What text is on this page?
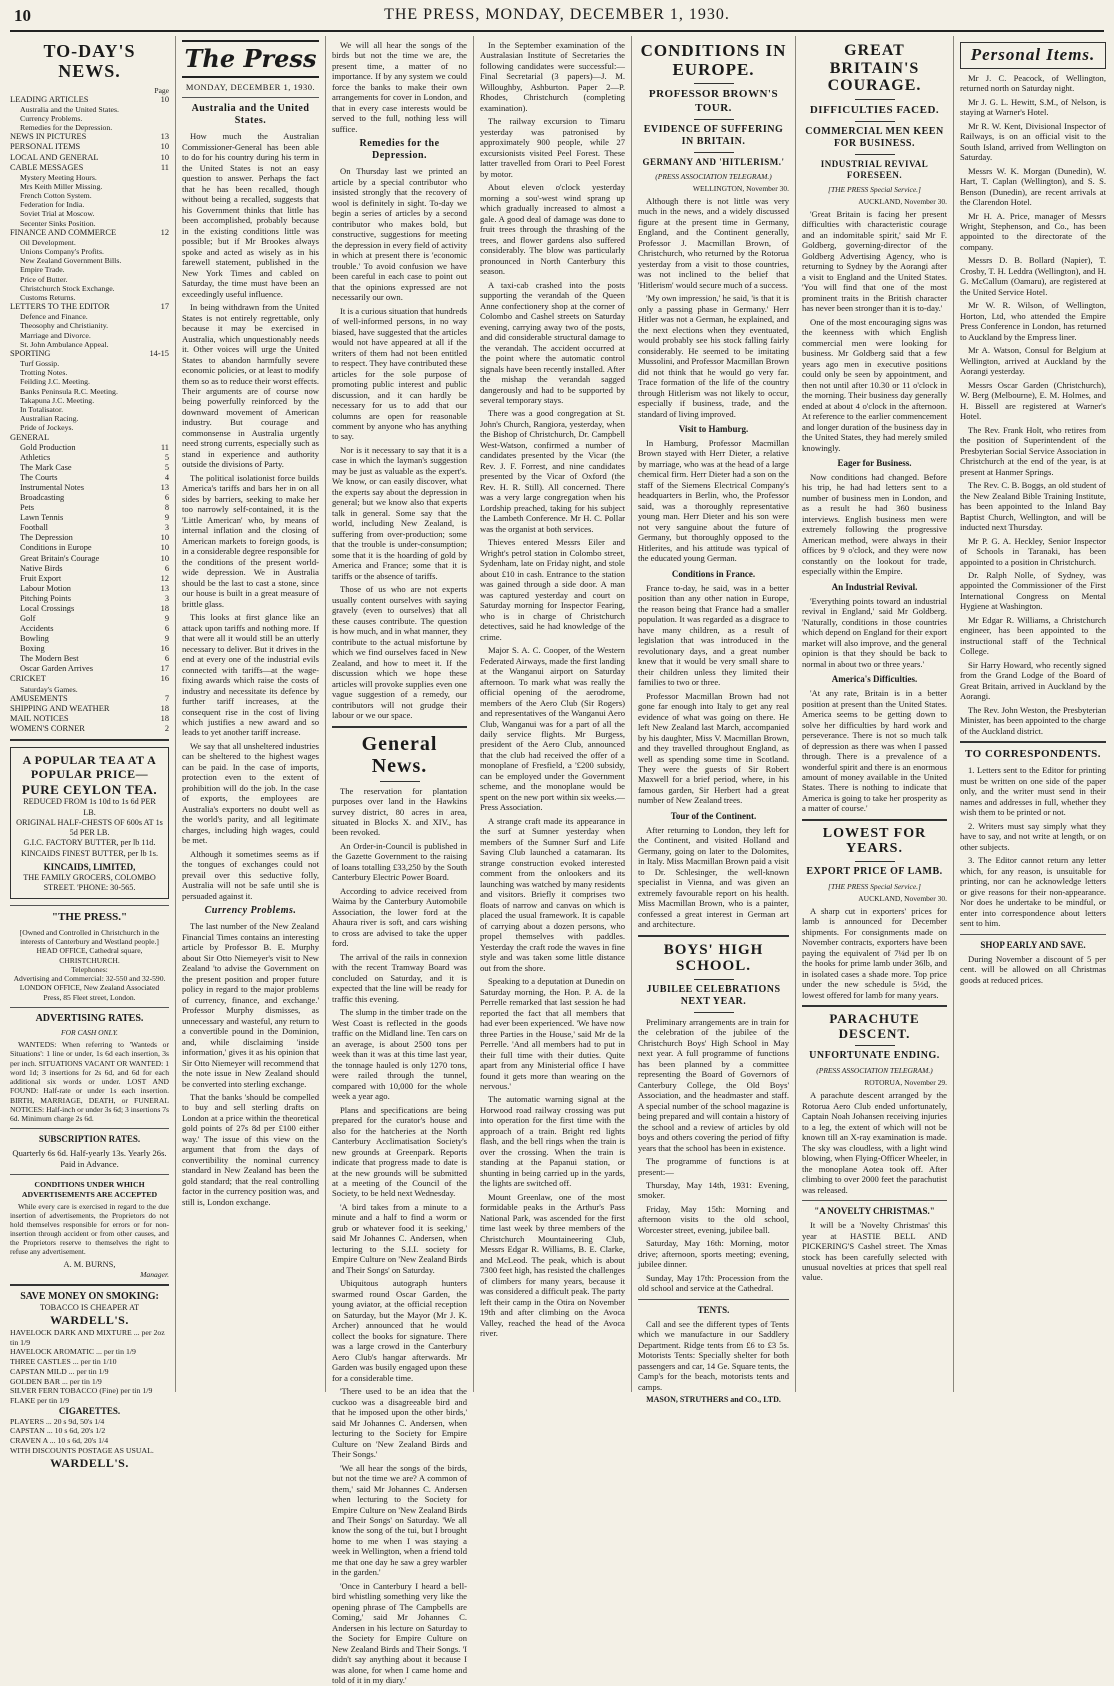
10	THE PRESS, MONDAY, DECEMBER 1, 1930.
TO-DAY'S NEWS.
Page
LEADING ARTICLES	10
Australia and the United States.
Currency Problems.
Remedies for the Depression.
NEWS IN PICTURES	13
PERSONAL ITEMS	10
LOCAL AND GENERAL	10
CABLE MESSAGES	11
Mystery Meeting Hours.
Mrs Keith Miller Missing.
French Cotton System.
Federation for India.
Soviet Trial at Moscow.
Secenter Sinks Position.
FINANCE AND COMMERCE	12
Oil Development.
Unions Company's Profits.
New Zealand Government Bills.
Empire Trade.
Price of Butter.
Christchurch Stock Exchange.
Customs Returns.
LETTERS TO THE EDITOR	17
Defence and Finance.
Theosophy and Christianity.
Marriage and Divorce.
St. John Ambulance Appeal.
SPORTING	14-15
Turf Gossip.
Trotting Notes.
Feilding J.C. Meeting.
Banks Peninsula R.C. Meeting.
Takapuna J.C. Meeting.
In Totalisator.
Australian Racing.
Pride of Jockeys.
GENERAL
Gold Production	11
Athletics	5
The Mark Case	5
The Courts	4
Instrumental Notes	13
Broadcasting	6
Pets	8
Lawn Tennis	9
Football	3
The Depression	10
Conditions in Europe	10
Great Britain's Courage	10
Native Birds	6
Fruit Export	12
Labour Motion	13
Pitching Points	3
Local Crossings	18
Golf	9
Accidents	6
Bowling	9
Boxing	16
The Modern Best	6
Oscar Garden Arrives	17
CRICKET	16
Saturday's Games.
AMUSEMENTS	7
SHIPPING AND WEATHER	18
MAIL NOTICES	18
WOMEN'S CORNER	2
A POPULAR TEA AT A
POPULAR PRICE—
PURE CEYLON TEA.
REDUCED FROM 1s 10d to 1s 6d PER LB.
ORIGINAL HALF-CHESTS OF 600s AT 1s 5d PER LB.
G.I.C. FACTORY BUTTER, per lb 11d.
KINCAIDS FINEST BUTTER, per lb 1s.
KINCAIDS, LIMITED,
THE FAMILY GROCERS, COLOMBO STREET. 'PHONE: 30-565.
"THE PRESS."
[Owned and Controlled in Christchurch in the interests of Canterbury and Westland people.]
HEAD OFFICE, Cathedral square, CHRISTCHURCH.
Telephones:
Advertising and Commercial: 32-550 and 32-590.
LONDON OFFICE, New Zealand Associated Press, 85 Fleet street, London.
ADVERTISING RATES.
FOR CASH ONLY.

WANTEDS: When referring to 'Wanteds or Situations': 1 line or under, 1s 6d each insertion, 3s per inch. SITUATIONS VACANT OR WANTED: 1 word 1d; 3 insertions for 2s 6d, and 6d for each additional six words or under. LOST AND FOUND: Half-rate or under 1s each insertion. BIRTH, MARRIAGE, DEATH, or FUNERAL NOTICES: Half-inch or under 3s 6d; 3 insertions 7s 6d. Minimum charge 2s 6d.

SUBSCRIPTION RATES.

Quarterly 6s 6d. Half-yearly 13s. Yearly 26s. Paid in Advance.

CONDITIONS UNDER WHICH ADVERTISEMENTS ARE ACCEPTED

While every care is exercised in regard to the due insertion of advertisements, the Proprietors do not hold themselves responsible for errors or for non-insertion through accident or from other causes, and the Proprietors reserve to themselves the right to refuse any advertisement.

A. M. BURNS,
Manager.
SAVE MONEY ON SMOKING:
TOBACCO IS CHEAPER AT
WARDELL'S.
HAVELOCK DARK AND MIXTURE ... per 2oz tin 1/9
HAVELOCK AROMATIC ... per tin 1/9
THREE CASTLES ... per tin 1/10
CAPSTAN MILD ... per tin 1/9
GOLDEN BAR ... per tin 1/9
SILVER FERN TOBACCO (Fine) per tin 1/9
FLAKE per tin 1/9
CIGARETTES.
PLAYERS ... 20 s 9d, 50's 1/4
CAPSTAN ... 10 s 6d, 20's 1/2
CRAVEN A ... 10 s 6d, 20's 1/4
WITH DISCOUNTS POSTAGE AS USUAL.
WARDELL'S.
The Press
MONDAY, DECEMBER 1, 1930.
Australia and the United States.

How much the Australian Commissioner-General has been able to do for his country during his term in the United States is not an easy question to answer. Perhaps the fact that he has been recalled, though without being a recalled, suggests that his Government thinks that little has been accomplished, probably because in the existing conditions little was possible; but if Mr Brookes always spoke and acted as wisely as in his farewell statement, published in the New York Times and cabled on Saturday, the time must have been an exceedingly useful influence.

In being withdrawn from the United States is not entirely regrettable, only because it may be exercised in Australia, which unquestionably needs it. Other voices will urge the United States to abandon harmfully severe economic policies, or at least to modify them so as to reduce their worst effects. Their arguments are of course now being powerfully reinforced by the downward movement of American industry. But courage and commonsense in Australia urgently need strong currents, especially such as stand in experience and authority outside the divisions of Party.

The political isolationist force builds America's tariffs and bars her in on all sides by barriers, seeking to make her too narrowly self-contained, it is the 'Little American' who, by means of internal inflation and the closing of American markets to foreign goods, is in a considerable degree responsible for the conditions of the present world-wide depression. We in Australia should be the last to cast a stone, since our house is built in a great measure of brittle glass.

This looks at first glance like an attack upon tariffs and nothing more. If that were all it would still be an utterly necessary to deliver. But it drives in the end at every one of the industrial evils connected with tariffs—at the wage-fixing awards which raise the costs of industry and necessitate its defence by further tariff increases, at the consequent rise in the cost of living which justifies a new award and so leads to yet another tariff increase.

We say that all unsheltered industries can be sheltered to the highest wages can be paid. In the case of imports, protection even to the extent of prohibition will do the job. In the case of exports, the employees are Australia's exporters no doubt well as the world's parity, and all legitimate charges, including high wages, could be met.

Although it sometimes seems as if the tongues of exchanges could not prevail over this seductive folly, Australia will not be safe until she is persuaded against it.

Currency Problems.

The last number of the New Zealand Financial Times contains an interesting article by Professor B. E. Murphy about Sir Otto Niemeyer's visit to New Zealand 'to advise the Government on the present position and proper future policy in regard to the major problems of currency, finance, and exchange.' Professor Murphy dismisses, as unnecessary and wasteful, any return to a convertible pound in the Dominion, and, while disclaiming 'inside information,' gives it as his opinion that Sir Otto Niemeyer will recommend that the note issue in New Zealand should be converted into sterling exchange.

That the banks 'should be compelled to buy and sell sterling drafts on London at a price within the theoretical gold points of 27s 8d per £100 either way.' The issue of this view on the argument that from the days of convertibility the nominal currency standard in New Zealand has been the gold standard; that the real controlling factor in the currency position was, and still is, London exchange.

We will all hear the songs of the birds but not the time we are, the present time, a matter of no importance. If by any system we could force the banks to make their own arrangements for cover in London, and that in every case interests would be served to the full, nothing less will suffice.

Remedies for the Depression.

On Thursday last we printed an article by a special contributor who insisted strongly that the recovery of wool is definitely in sight. To-day we begin a series of articles by a second contributor who makes bold, but constructive, suggestions for meeting the depression in every field of activity in which at present there is 'economic trouble.' To avoid confusion we have been careful in each case to point out that the opinions expressed are not necessarily our own.

It is a curious situation that hundreds of well-informed persons, in no way biased, have suggested that the articles would not have appeared at all if the writers of them had not been entitled to respect. They have contributed these articles for the sole purpose of promoting public interest and public discussion, and it can hardly be necessary for us to add that our columns are open for reasonable comment by anyone who has anything to say.

Nor is it necessary to say that it is a case in which the layman's suggestion may be just as valuable as the expert's. We know, or can easily discover, what the experts say about the depression in general; but we know also that experts talk in general. Some say that the world, including New Zealand, is suffering from over-production; some that the trouble is under-consumption; some that it is the hoarding of gold by America and France; some that it is tariffs or the absence of tariffs.

Those of us who are not experts usually content ourselves with saying gravely (even to ourselves) that all these causes contribute. The question is how much, and in what manner, they contribute to the actual misfortune by which we find ourselves faced in New Zealand, and how to meet it. If the discussion which we hope these articles will provoke supplies even one vague suggestion of a remedy, our contributors will not grudge their labour or we our space.

General News.

The reservation for plantation purposes over land in the Hawkins survey district, 80 acres in area, situated in Blocks X. and XIV., has been revoked.

An Order-in-Council is published in the Gazette Government to the raising of loans totalling £33,250 by the South Canterbury Electric Power Board.

According to advice received from Waima by the Canterbury Automobile Association, the lower ford at the Ahaura river is soft, and cars wishing to cross are advised to take the upper ford.

The arrival of the rails in connexion with the recent Tramway Board was concluded on Saturday, and it is expected that the line will be ready for traffic this evening.

The slump in the timber trade on the West Coast is reflected in the goods traffic on the Midland line. Ten cars on an average, is about 2500 tons per week than it was at this time last year, the tonnage hauled is only 1270 tons, were railed through the tunnel, compared with 10,000 for the whole week a year ago.

Plans and specifications are being prepared for the curator's house and also for the hatcheries at the North Canterbury Acclimatisation Society's new grounds at Greenpark. Reports indicate that progress made to date is at the new grounds will be submitted at a meeting of the Council of the Society, to be held next Wednesday.

'A bird takes from a minute to a minute and a half to find a worm or grub or whatever food it is seeking,' said Mr Johannes C. Andersen, when lecturing to the S.I.I. society for Empire Culture on 'New Zealand Birds and Their Songs' on Saturday.

Ubiquitous autograph hunters swarmed round Oscar Garden, the young aviator, at the official reception on Saturday, but the Mayor (Mr J. K. Archer) announced that he would collect the books for signature. There was a large crowd in the Canterbury Aero Club's hangar afterwards. Mr Garden was busily engaged upon these for a considerable time.

'There used to be an idea that the cuckoo was a disagreeable bird and that he imposed upon the other birds,' said Mr Johannes C. Andersen, when lecturing to the Society for Empire Culture on 'New Zealand Birds and Their Songs.'

'We all hear the songs of the birds, but not the time we are? A common of them,' said Mr Johannes C. Andersen when lecturing to the Society for Empire Culture on 'New Zealand Birds and Their Songs' on Saturday. 'We all know the song of the tui, but I brought home to me when I was staying a week in Wellington, when a friend told me that one day he saw a grey warbler in the garden.'

'Once in Canterbury I heard a bell-bird whistling something very like the opening phrase of The Campbells are Coming,' said Mr Johannes C. Andersen in his lecture on Saturday to the Society for Empire Culture on New Zealand Birds and Their Songs. 'I didn't say anything about it because I was alone, for when I came home and told of it in my diary.'

In the September examination of the Australasian Institute of Secretaries the following candidates were successful:—Final Secretarial (3 papers)—J. M. Willoughby, Ashburton. Paper 2—P. Rhodes, Christchurch (completing examination).

The railway excursion to Timaru yesterday was patronised by approximately 900 people, while 27 excursionists visited Peel Forest. These latter travelled from Orari to Peel Forest by motor.

About eleven o'clock yesterday morning a sou'-west wind sprang up which gradually increased to almost a gale. A good deal of damage was done to fruit trees through the thrashing of the trees, and flower gardens also suffered considerably. The blow was particularly pronounced in North Canterbury this season.

A taxi-cab crashed into the posts supporting the verandah of the Queen Anne confectionery shop at the corner of Colombo and Cashel streets on Saturday evening, carrying away two of the posts, and did considerable structural damage to the verandah. The accident occurred at the point where the automatic control signals have been recently installed. After the mishap the verandah sagged dangerously and had to be supported by several temporary stays.

There was a good congregation at St. John's Church, Rangiora, yesterday, when the Bishop of Christchurch, Dr. Campbell West-Watson, confirmed a number of candidates presented by the Vicar (the Rev. J. F. Forrest, and nine candidates presented by the Vicar of Oxford (the Rev. H. R. Still). All concerned. There was a very large congregation when his Lordship preached, taking for his subject the Lambeth Conference. Mr H. C. Pollar was the organist at both services.

Thieves entered Messrs Eiler and Wright's petrol station in Colombo street, Sydenham, late on Friday night, and stole about £10 in cash. Entrance to the station was gained through a side door. A man was captured yesterday and court on Saturday morning for Inspector Fearing, who is in charge of Christchurch detectives, said he had knowledge of the crime.

Major S. A. C. Cooper, of the Western Federated Airways, made the first landing at the Wanganui airport on Saturday afternoon. To mark what was really the official opening of the aerodrome, members of the Aero Club (Sir Rogers) and representatives of the Wanganui Aero Club, Wanganui was for a part of all the daily service flights. Mr Burgess, president of the Aero Club, announced that the club had received the offer of a monoplane of Fresfield, a '£200 subsidy, can be employed under the Government scheme, and the monoplane would be spent on the new port within six weeks.—Press Association.

A strange craft made its appearance in the surf at Sumner yesterday when members of the Sumner Surf and Life Saving Club launched a catamaran. Its strange construction evoked interested comment from the onlookers and its launching was watched by many residents and visitors. Briefly it comprises two floats of narrow and canvas on which is placed the usual framework. It is capable of carrying about a dozen persons, who propel themselves with paddles. Yesterday the craft rode the waves in fine style and was taken some little distance out from the shore.

Speaking to a deputation at Dunedin on Saturday morning, the Hon. P. A. de la Perrelle remarked that last session he had reported the fact that all members that had ever been experienced. 'We have now three Parties in the House,' said Mr de la Perrelle. 'And all members had to put in their full time with their duties. Quite apart from any Ministerial office I have found it gets more than wearing on the nervous.'

The automatic warning signal at the Horwood road railway crossing was put into operation for the first time with the approach of a train. Bright red lights flash, and the bell rings when the train is over the crossing. When the train is standing at the Papanui station, or shunting in being carried up in the yards, the lights are switched off.

Mount Greenlaw, one of the most formidable peaks in the Arthur's Pass National Park, was ascended for the first time last week by three members of the Christchurch Mountaineering Club, Messrs Edgar R. Williams, B. E. Clarke, and McLeod. The peak, which is about 7300 feet high, has resisted the challenges of climbers for many years, because it was considered a difficult peak. The party left their camp in the Otira on November 19th and after climbing on the Avoca Valley, reached the head of the Avoca river.

CONDITIONS IN EUROPE.
PROFESSOR BROWN'S TOUR.
EVIDENCE OF SUFFERING IN BRITAIN.
GERMANY AND 'HITLERISM.'
(PRESS ASSOCIATION TELEGRAM.)
WELLINGTON, November 30.

Although there is not little was very much in the news, and a widely discussed figure at the present time in Germany, England, and the Continent generally, Professor J. Macmillan Brown, of Christchurch, who returned by the Rotorua yesterday from a visit to those countries, was not inclined to the belief that 'Hitlerism' would secure much of a success.

'My own impression,' he said, 'is that it is only a passing phase in Germany.' Herr Hitler was not a German, he explained, and the next elections when they eventuated, would probably see his stock falling fairly considerably. He seemed to be imitating Mussolini, and Professor Macmillan Brown did not think that he would go very far. Trace formation of the life of the country through Hitlerism was not likely to occur, especially if business, trade, and the standard of living improved.

Visit to Hamburg.

In Hamburg, Professor Macmillan Brown stayed with Herr Dieter, a relative by marriage, who was at the head of a large chemical firm. Herr Dieter had a son on the staff of the Siemens Electrical Company's headquarters in Berlin, who, the Professor said, was a thoroughly representative young man. Herr Dieter and his son were not very sanguine about the future of Germany, but thoroughly opposed to the Hitlerites, and his attitude was typical of the educated young German.

Conditions in France.

France to-day, he said, was in a better position than any other nation in Europe, the reason being that France had a smaller population. It was regarded as a disgrace to have many children, as a result of legislation that was introduced in the revolutionary days, and a great number knew that it would be very small share to their children unless they limited their families to two or three.

Professor Macmillan Brown had not gone far enough into Italy to get any real evidence of what was going on there. He left New Zealand last March, accompanied by his daughter, Miss V. Macmillan Brown, and they travelled throughout England, as well as spending some time in Scotland. They were the guests of Sir Robert Maxwell for a brief period, where, in his famous garden, Sir Herbert had a great number of New Zealand trees.

Tour of the Continent.

After returning to London, they left for the Continent, and visited Holland and Germany, going on later to the Dolomites, in Italy. Miss Macmillan Brown paid a visit to Dr. Schlesinger, the well-known specialist in Vienna, and was given an extremely favourable report on his health. Miss Macmillan Brown, who is a painter, confessed a great interest in German art and architecture.

BOYS' HIGH SCHOOL.
JUBILEE CELEBRATIONS NEXT YEAR.

Preliminary arrangements are in train for the celebration of the jubilee of the Christchurch Boys' High School in May next year. A full programme of functions has been planned by a committee representing the Board of Governors of Canterbury College, the Old Boys' Association, and the headmaster and staff. A special number of the school magazine is being prepared and will contain a history of the school and a review of articles by old boys and others covering the period of fifty years that the school has been in existence.

The programme of functions is at present:—

Thursday, May 14th, 1931: Evening, smoker.

Friday, May 15th: Morning and afternoon visits to the old school, Worcester street, evening, jubilee ball.

Saturday, May 16th: Morning, motor drive; afternoon, sports meeting; evening, jubilee dinner.

Sunday, May 17th: Procession from the old school and service at the Cathedral.

TENTS.

Call and see the different types of Tents which we manufacture in our Saddlery Department. Ridge tents from £6 to £3 5s. Motorists Tents: Specially shelter for both passengers and car, 14 Ge. Square tents, the Camp's for the beach, motorists tents and camps.

MASON, STRUTHERS and CO., LTD.
GREAT BRITAIN'S COURAGE.
DIFFICULTIES FACED.
COMMERCIAL MEN KEEN FOR BUSINESS.
INDUSTRIAL REVIVAL FORESEEN.
[THE PRESS Special Service.]
AUCKLAND, November 30.

'Great Britain is facing her present difficulties with characteristic courage and an indomitable spirit,' said Mr F. Goldberg, governing-director of the Goldberg Advertising Agency, who is returning to Sydney by the Aorangi after a visit to England and the United States. 'You will find that one of the most prominent traits in the British character has never been stronger than it is to-day.'

One of the most encouraging signs was the keenness with which English commercial men were looking for business. Mr Goldberg said that a few years ago men in executive positions could only be seen by appointment, and then not until after 10.30 or 11 o'clock in the morning. Their business day generally ended at about 4 o'clock in the afternoon. At reference to the earlier commencement and longer duration of the business day in the United States, they had merely smiled knowingly.

Eager for Business.

Now conditions had changed. Before his trip, he had had letters sent to a number of business men in London, and as a result he had 360 business interviews. English business men were extremely following the progressive American method, were always in their offices by 9 o'clock, and they were now constantly on the lookout for trade, especially within the Empire.

An Industrial Revival.

'Everything points toward an industrial revival in England,' said Mr Goldberg. 'Naturally, conditions in those countries which depend on England for their export market will also improve, and the general opinion is that they should be back to normal in about two or three years.'

America's Difficulties.

'At any rate, Britain is in a better position at present than the United States. America seems to be getting down to solve her difficulties by hard work and perseverance. There is not so much talk of depression as there was when I passed through. There is a prevalence of a wonderful spirit and there is an enormous amount of money available in the United States. There is nothing to indicate that America is going to take her prosperity as a matter of course.'

LOWEST FOR YEARS.
EXPORT PRICE OF LAMB.
[THE PRESS Special Service.]
AUCKLAND, November 30.

A sharp cut in exporters' prices for lamb is announced for December shipments. For consignments made on November contracts, exporters have been paying the equivalent of 7¼d per lb on the hooks for prime lamb under 36lb, and in isolated cases a shade more. Top price under the new schedule is 5½d, the lowest offered for lamb for many years.

PARACHUTE DESCENT.
UNFORTUNATE ENDING.
(PRESS ASSOCIATION TELEGRAM.)
ROTORUA, November 29.

A parachute descent arranged by the Rotorua Aero Club ended unfortunately, Captain Noah Johansen receiving injuries to a leg, the extent of which will not be known till an X-ray examination is made. The sky was cloudless, with a light wind blowing, when Flying-Officer Wheeler, in the monoplane Aotea took off. After climbing to over 2000 feet the parachutist was released.

"A NOVELTY CHRISTMAS."

It will be a 'Novelty Christmas' this year at HASTIE BELL AND PICKERING'S Cashel street. The Xmas stock has been carefully selected with unusual novelties at prices that spell real value.

Personal Items.

Mr J. C. Peacock, of Wellington, returned north on Saturday night.

Mr J. G. L. Hewitt, S.M., of Nelson, is staying at Warner's Hotel.

Mr R. W. Kent, Divisional Inspector of Railways, is on an official visit to the South Island, arrived from Wellington on Saturday.

Messrs W. K. Morgan (Dunedin), W. Hart, T. Caplan (Wellington), and S. S. Benson (Dunedin), are recent arrivals at the Clarendon Hotel.

Mr H. A. Price, manager of Messrs Wright, Stephenson, and Co., has been appointed to the directorate of the company.

Messrs D. B. Bollard (Napier), T. Crosby, T. H. Leddra (Wellington), and H. G. McCallum (Oamaru), are registered at the United Service Hotel.

Mr W. R. Wilson, of Wellington, Horton, Ltd, who attended the Empire Press Conference in London, has returned to Auckland by the Empress liner.

Mr A. Watson, Consul for Belgium at Wellington, arrived at Auckland by the Aorangi yesterday.

Messrs Oscar Garden (Christchurch), W. Berg (Melbourne), E. M. Holmes, and H. Bissell are registered at Warner's Hotel.

The Rev. Frank Holt, who retires from the position of Superintendent of the Presbyterian Social Service Association in Christchurch at the end of the year, is at present at Hanmer Springs.

The Rev. C. B. Boggs, an old student of the New Zealand Bible Training Institute, has been appointed to the Inland Bay Baptist Church, Wellington, and will be inducted next Thursday.

Mr P. G. A. Heckley, Senior Inspector of Schools in Taranaki, has been appointed to a position in Christchurch.

Dr. Ralph Nolle, of Sydney, was appointed the Commissioner of the First International Congress on Mental Hygiene at Washington.

Mr Edgar R. Williams, a Christchurch engineer, has been appointed to the instructional staff of the Technical College.

Sir Harry Howard, who recently signed from the Grand Lodge of the Board of Great Britain, arrived in Auckland by the Aorangi.

The Rev. John Weston, the Presbyterian Minister, has been appointed to the charge of the Auckland district.

TO CORRESPONDENTS.

1. Letters sent to the Editor for printing must be written on one side of the paper only, and the writer must send in their names and addresses in full, whether they wish them to be printed or not.

2. Writers must say simply what they have to say, and not write at length, or on other subjects.

3. The Editor cannot return any letter which, for any reason, is unsuitable for printing, nor can he acknowledge letters or give reasons for their non-appearance. Nor does he undertake to be mindful, or enter into correspondence about letters sent to him.

SHOP EARLY AND SAVE.

During November a discount of 5 per cent. will be allowed on all Christmas goods at reduced prices.
